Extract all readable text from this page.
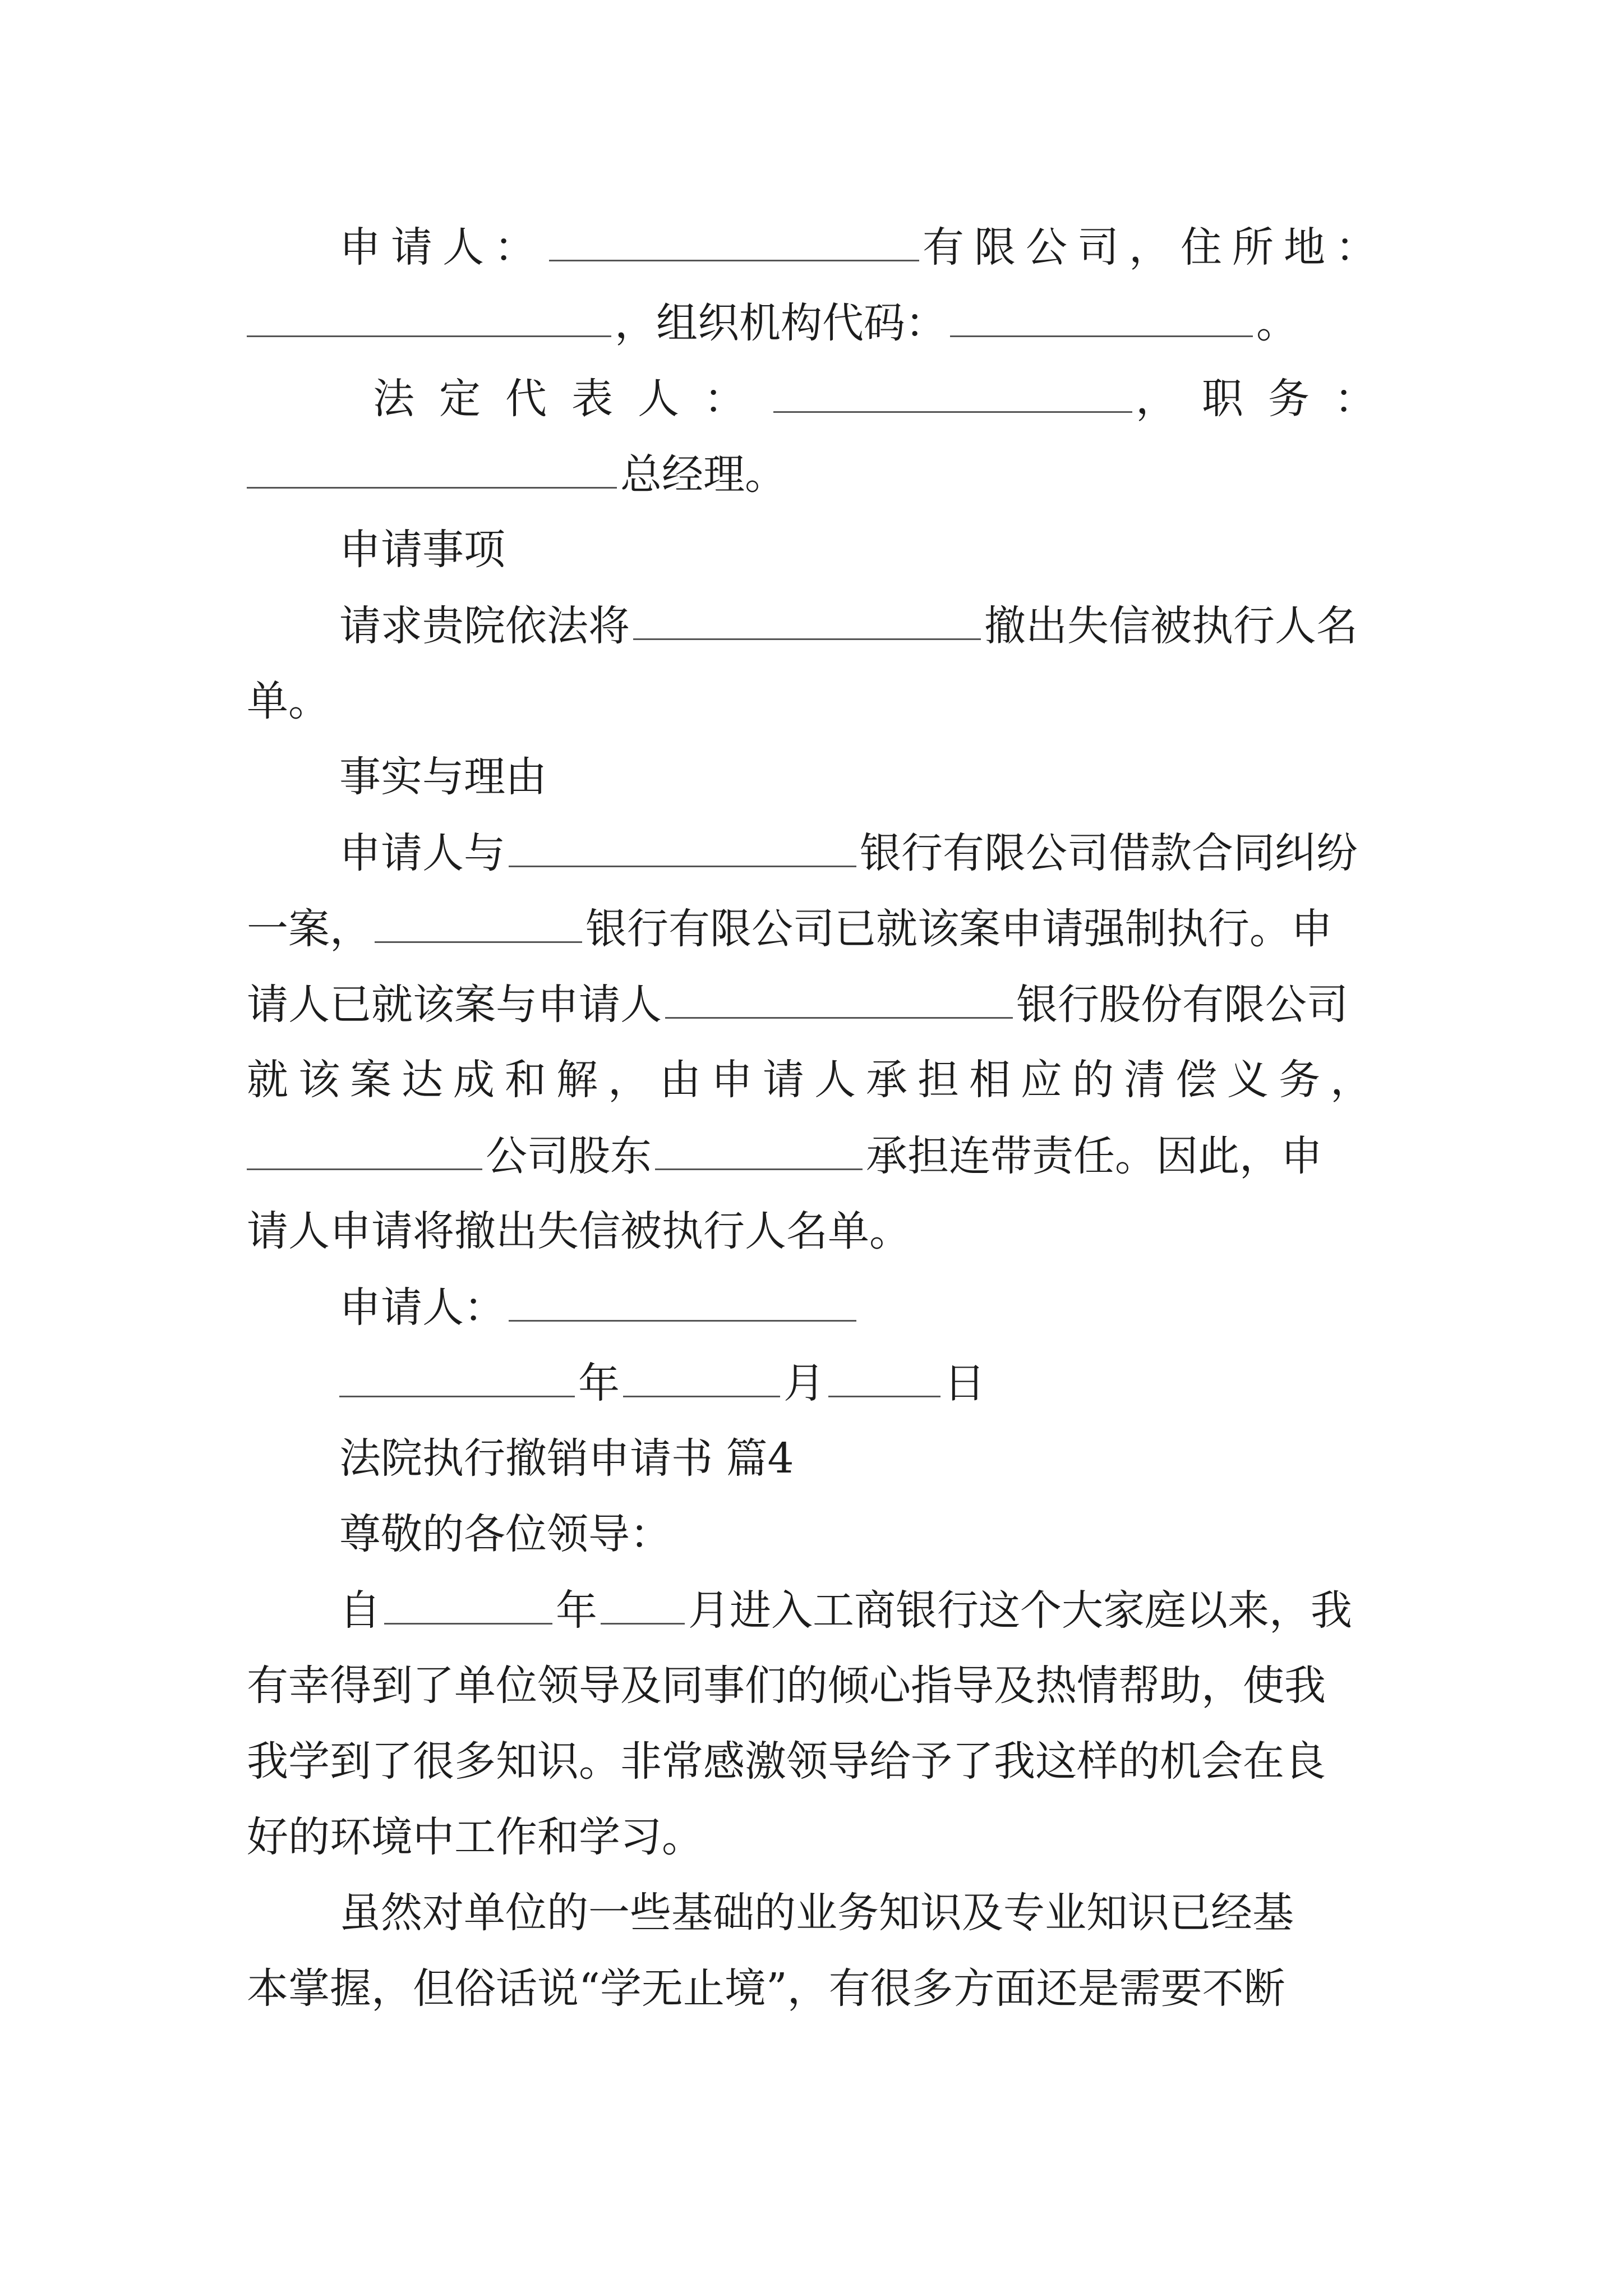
申请人：	有限公司，住所地：
，组织机构代码：	。
法定代表人：	，职务：
总经理。
申请事项
请求贵院依法将	撤出失信被执行人名
单。
事实与理由
申请人与	银行有限公司借款合同纠纷
一案，	银行有限公司已就该案申请强制执行。申
请人已就该案与申请人	银行股份有限公司
就该案达成和解，由申请人承担相应的清偿义务，
公司股东	承担连带责任。因此，申
请人申请将撤出失信被执行人名单。
申请人：
年	月	日
法院执行撤销申请书 篇4
尊敬的各位领导：
自	年 月进入工商银行这个大家庭以来，我
有幸得到了单位领导及同事们的倾心指导及热情帮助，使我
我学到了很多知识。非常感激领导给予了我这样的机会在良
好的环境中工作和学习。
虽然对单位的一些基础的业务知识及专业知识已经基
本掌握，但俗话说“学无止境”，有很多方面还是需要不断
